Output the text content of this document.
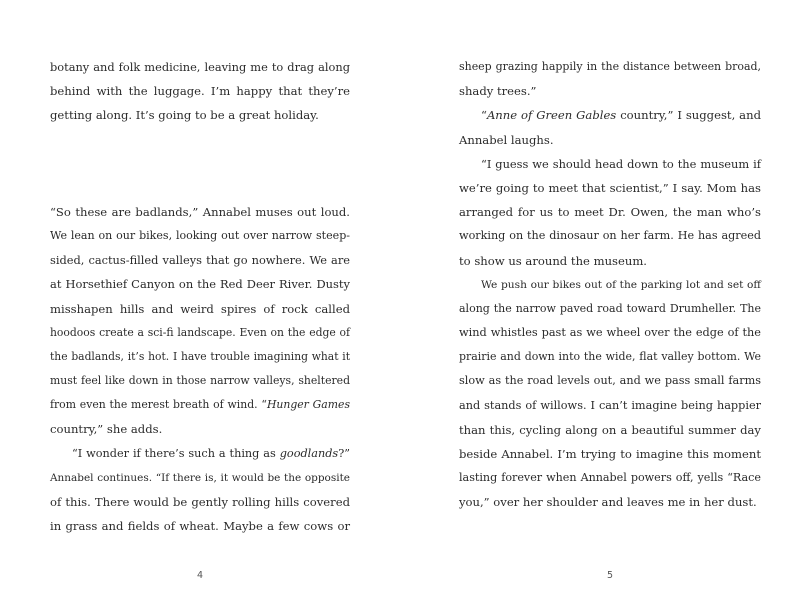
botany and folk medicine, leaving me to drag along
behind with the luggage. I’m happy that they’re
getting along. It’s going to be a great holiday.
“So these are badlands,” Annabel muses out loud.
We lean on our bikes, looking out over narrow steep-
sided, cactus-filled valleys that go nowhere. We are
at Horsethief Canyon on the Red Deer River. Dusty
misshapen hills and weird spires of rock called
hoodoos create a sci-fi landscape. Even on the edge of
the badlands, it’s hot. I have trouble imagining what it
must feel like down in those narrow valleys, sheltered
from even the merest breath of wind. “Hunger Games
country,” she adds.
“I wonder if there’s such a thing as goodlands?”
Annabel continues. “If there is, it would be the opposite
of this. There would be gently rolling hills covered
in grass and fields of wheat. Maybe a few cows or
4
sheep grazing happily in the distance between broad,
shady trees.”
“Anne of Green Gables country,” I suggest, and
Annabel laughs.
“I guess we should head down to the museum if
we’re going to meet that scientist,” I say. Mom has
arranged for us to meet Dr. Owen, the man who’s
working on the dinosaur on her farm. He has agreed
to show us around the museum.
We push our bikes out of the parking lot and set off
along the narrow paved road toward Drumheller. The
wind whistles past as we wheel over the edge of the
prairie and down into the wide, flat valley bottom. We
slow as the road levels out, and we pass small farms
and stands of willows. I can’t imagine being happier
than this, cycling along on a beautiful summer day
beside Annabel. I’m trying to imagine this moment
lasting forever when Annabel powers off, yells “Race
you,” over her shoulder and leaves me in her dust.
5
